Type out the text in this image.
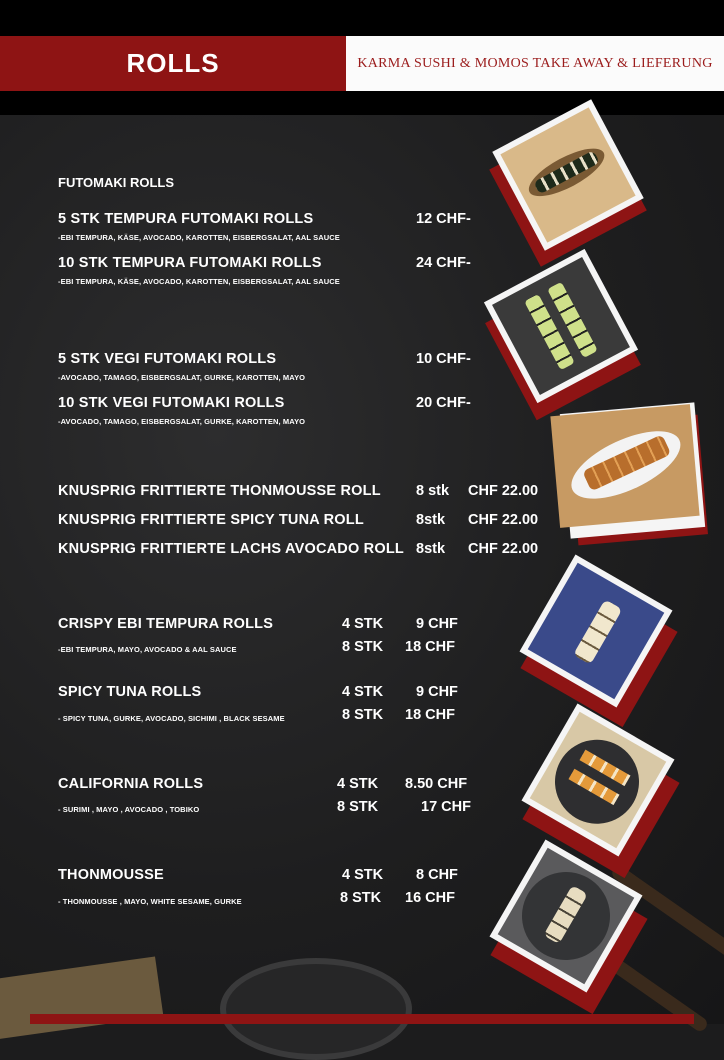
ROLLS	KARMA SUSHI & MOMOS TAKE AWAY & LIEFERUNG
FUTOMAKI ROLLS
5 STK TEMPURA FUTOMAKI ROLLS	12 CHF-
-EBI TEMPURA, KÄSE, AVOCADO, KAROTTEN, EISBERGSALAT, AAL SAUCE
10 STK TEMPURA FUTOMAKI ROLLS	24 CHF-
-EBI TEMPURA, KÄSE, AVOCADO, KAROTTEN, EISBERGSALAT, AAL SAUCE
5 STK VEGI FUTOMAKI ROLLS	10 CHF-
-AVOCADO, TAMAGO, EISBERGSALAT, GURKE, KAROTTEN, MAYO
10 STK VEGI FUTOMAKI ROLLS	20 CHF-
-AVOCADO, TAMAGO, EISBERGSALAT, GURKE, KAROTTEN, MAYO
KNUSPRIG FRITTIERTE THONMOUSSE ROLL 8 stk CHF 22.00
KNUSPRIG FRITTIERTE SPICY TUNA ROLL	8stk CHF 22.00
KNUSPRIG FRITTIERTE LACHS AVOCADO ROLL 8stk CHF 22.00
CRISPY EBI TEMPURA ROLLS
-EBI TEMPURA, MAYO, AVOCADO & AAL SAUCE
4 STK 9 CHF
8 STK 18 CHF
SPICY TUNA ROLLS
- SPICY TUNA, GURKE, AVOCADO, SICHIMI , BLACK SESAME
4 STK 9 CHF
8 STK 18 CHF
CALIFORNIA ROLLS
- SURIMI , MAYO , AVOCADO , TOBIKO
4 STK 8.50 CHF
8 STK	17 CHF
THONMOUSSE
- THONMOUSSE , MAYO, WHITE SESAME, GURKE
4 STK 8 CHF
8 STK 16 CHF
